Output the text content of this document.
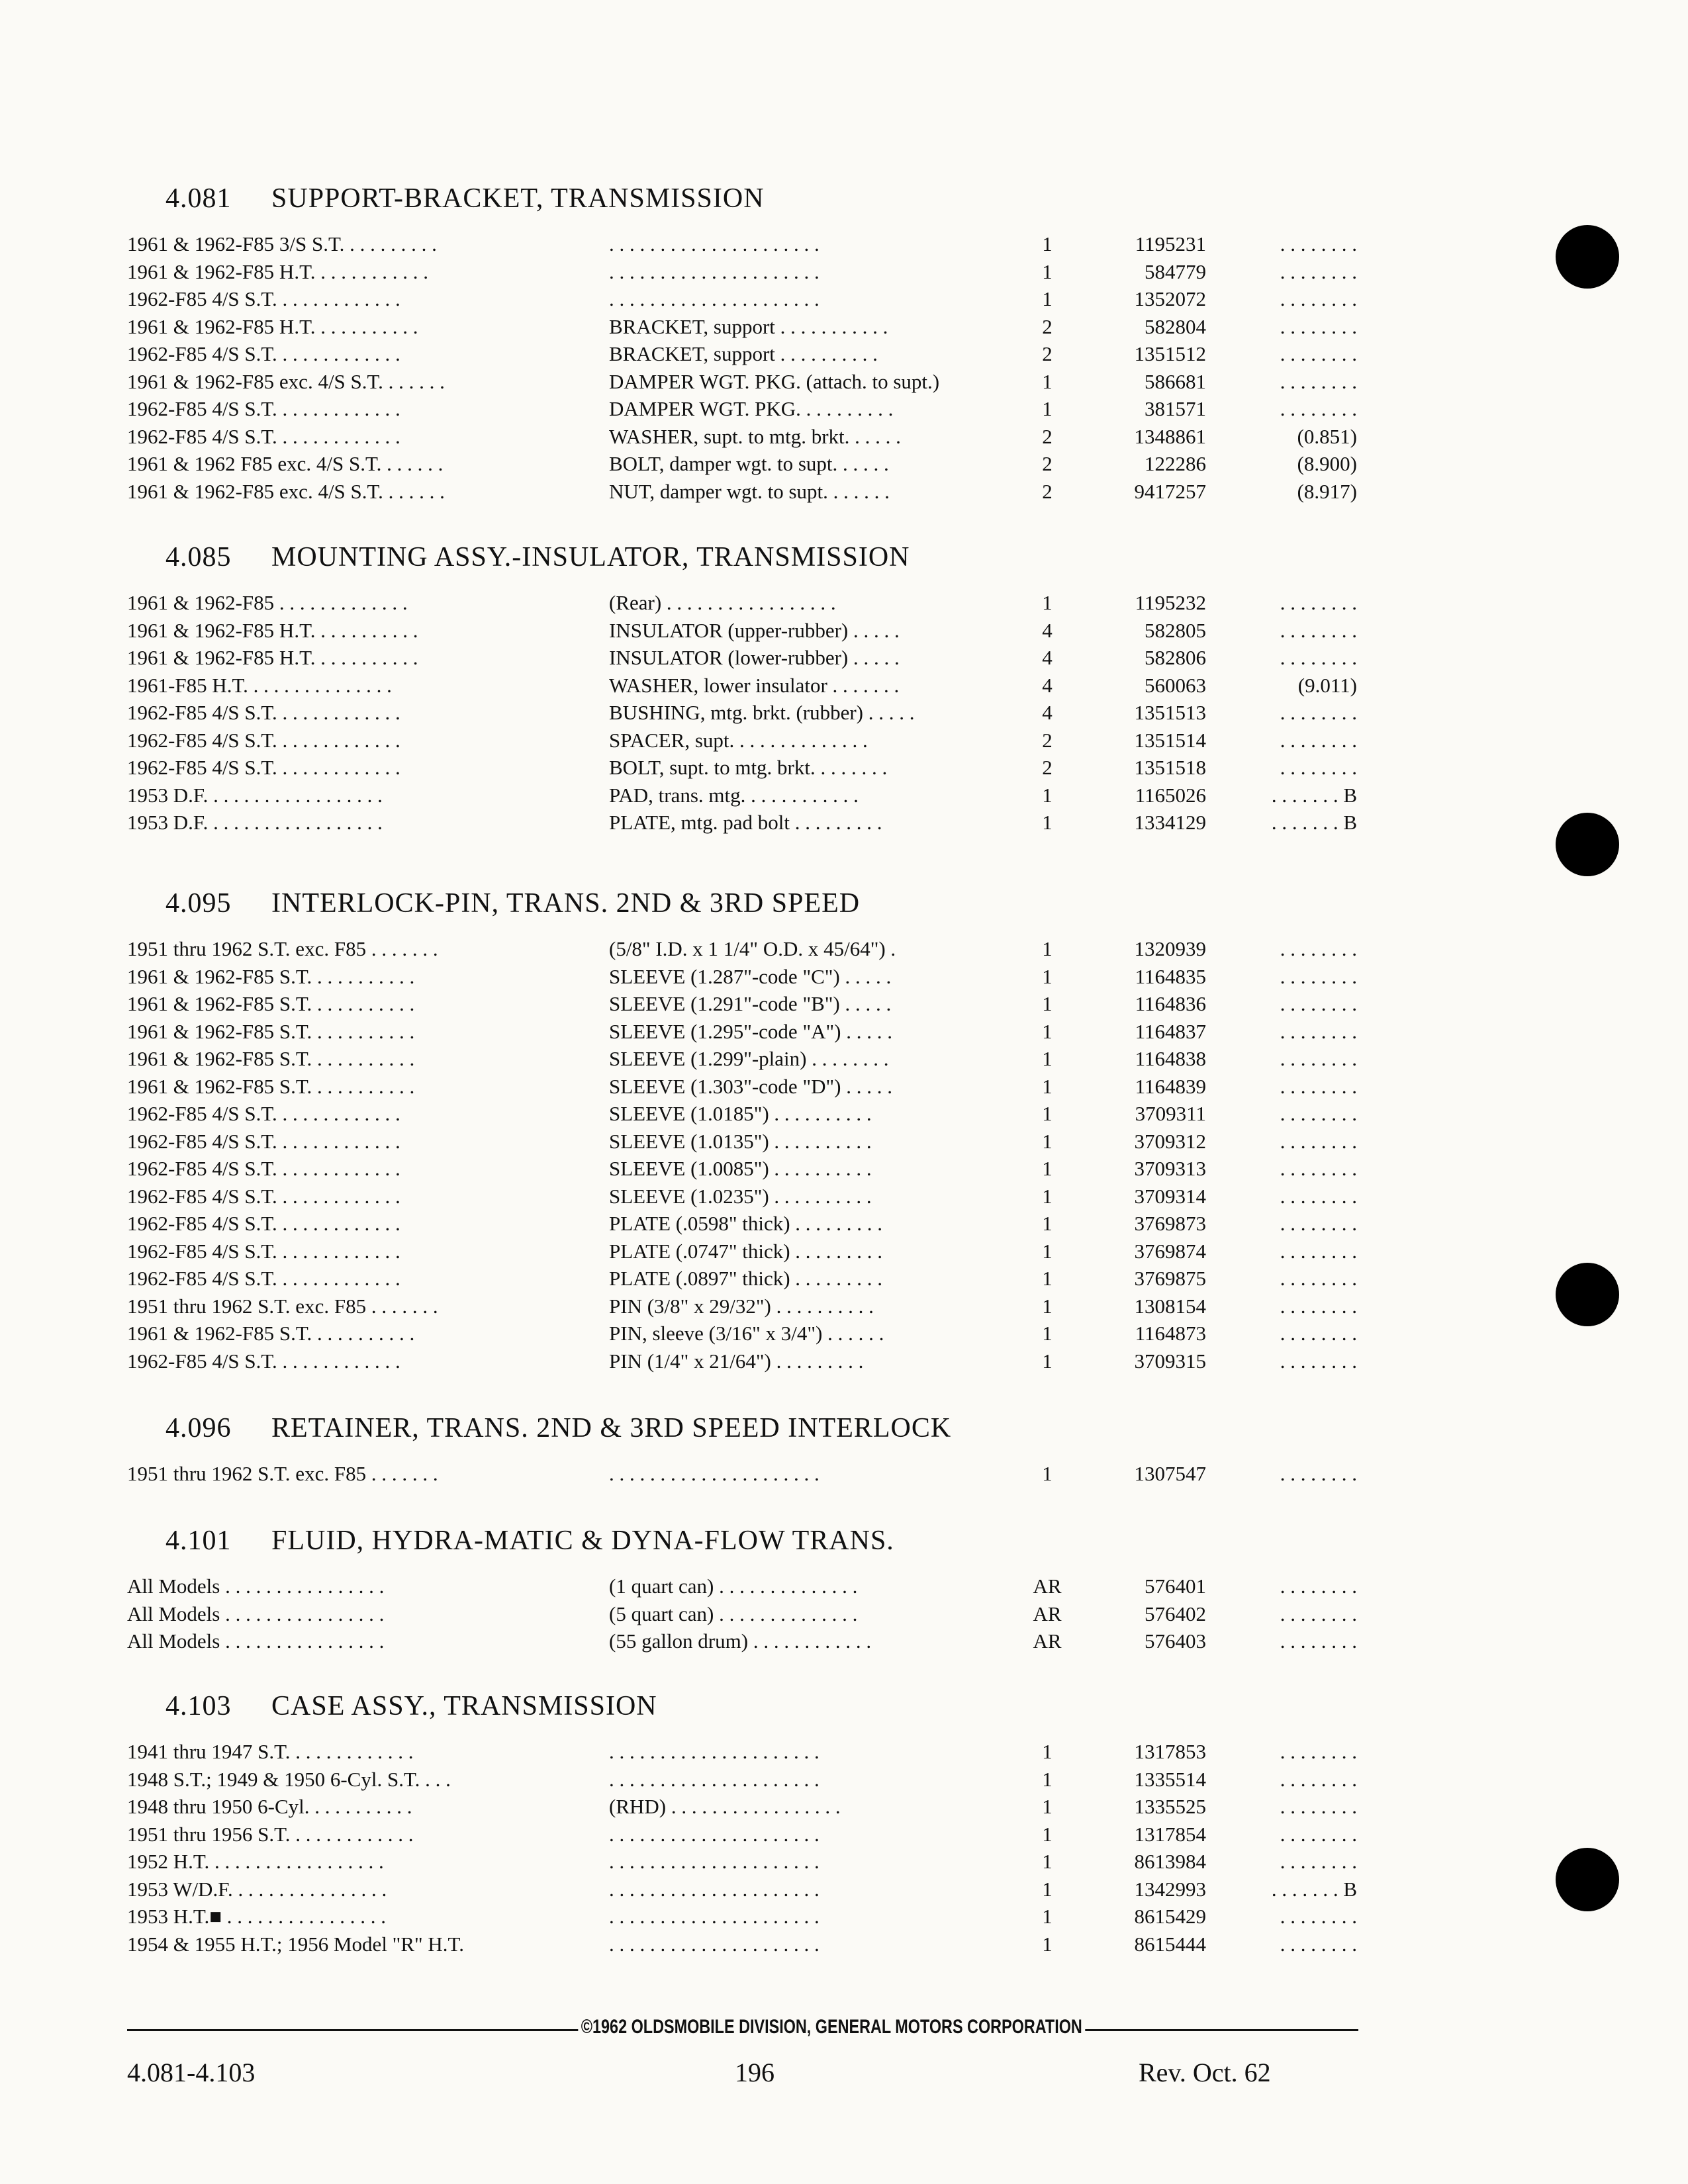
4.081 SUPPORT-BRACKET, TRANSMISSION
1961 & 1962-F85 3/S S.T. . . . . . . . . .	. . . . . . . . . . . . . . . . . . . . .	1	1195231	. . . . . . . .
1961 & 1962-F85 H.T. . . . . . . . . . . .	. . . . . . . . . . . . . . . . . . . . .	1	584779	. . . . . . . .
1962-F85 4/S S.T. . . . . . . . . . . . .	. . . . . . . . . . . . . . . . . . . . .	1	1352072	. . . . . . . .
1961 & 1962-F85 H.T. . . . . . . . . . .	BRACKET, support . . . . . . . . . . .	2	582804	. . . . . . . .
1962-F85 4/S S.T. . . . . . . . . . . . .	BRACKET, support . . . . . . . . . .	2	1351512	. . . . . . . .
1961 & 1962-F85 exc. 4/S S.T. . . . . . .	DAMPER WGT. PKG. (attach. to supt.)	1	586681	. . . . . . . .
1962-F85 4/S S.T. . . . . . . . . . . . .	DAMPER WGT. PKG. . . . . . . . . .	1	381571	. . . . . . . .
1962-F85 4/S S.T. . . . . . . . . . . . .	WASHER, supt. to mtg. brkt. . . . . .	2	1348861	(0.851)
1961 & 1962 F85 exc. 4/S S.T. . . . . . .	BOLT, damper wgt. to supt. . . . . .	2	122286	(8.900)
1961 & 1962-F85 exc. 4/S S.T. . . . . . .	NUT, damper wgt. to supt. . . . . . .	2	9417257	(8.917)
4.085 MOUNTING ASSY.-INSULATOR, TRANSMISSION
1961 & 1962-F85 . . . . . . . . . . . . .	(Rear) . . . . . . . . . . . . . . . . .	1	1195232	. . . . . . . .
1961 & 1962-F85 H.T. . . . . . . . . . .	INSULATOR (upper-rubber) . . . . .	4	582805	. . . . . . . .
1961 & 1962-F85 H.T. . . . . . . . . . .	INSULATOR (lower-rubber) . . . . .	4	582806	. . . . . . . .
1961-F85 H.T. . . . . . . . . . . . . . .	WASHER, lower insulator . . . . . . .	4	560063	(9.011)
1962-F85 4/S S.T. . . . . . . . . . . . .	BUSHING, mtg. brkt. (rubber) . . . . .	4	1351513	. . . . . . . .
1962-F85 4/S S.T. . . . . . . . . . . . .	SPACER, supt. . . . . . . . . . . . . .	2	1351514	. . . . . . . .
1962-F85 4/S S.T. . . . . . . . . . . . .	BOLT, supt. to mtg. brkt. . . . . . . .	2	1351518	. . . . . . . .
1953 D.F. . . . . . . . . . . . . . . . . .	PAD, trans. mtg. . . . . . . . . . . .	1	1165026	. . . . . . . B
1953 D.F. . . . . . . . . . . . . . . . . .	PLATE, mtg. pad bolt . . . . . . . . .	1	1334129	. . . . . . . B
4.095 INTERLOCK-PIN, TRANS. 2ND & 3RD SPEED
1951 thru 1962 S.T. exc. F85 . . . . . . .	(5/8" I.D. x 1 1/4" O.D. x 45/64") .	1	1320939	. . . . . . . .
1961 & 1962-F85 S.T. . . . . . . . . . .	SLEEVE (1.287"-code "C") . . . . .	1	1164835	. . . . . . . .
1961 & 1962-F85 S.T. . . . . . . . . . .	SLEEVE (1.291"-code "B") . . . . .	1	1164836	. . . . . . . .
1961 & 1962-F85 S.T. . . . . . . . . . .	SLEEVE (1.295"-code "A") . . . . .	1	1164837	. . . . . . . .
1961 & 1962-F85 S.T. . . . . . . . . . .	SLEEVE (1.299"-plain) . . . . . . . .	1	1164838	. . . . . . . .
1961 & 1962-F85 S.T. . . . . . . . . . .	SLEEVE (1.303"-code "D") . . . . .	1	1164839	. . . . . . . .
1962-F85 4/S S.T. . . . . . . . . . . . .	SLEEVE (1.0185") . . . . . . . . . .	1	3709311	. . . . . . . .
1962-F85 4/S S.T. . . . . . . . . . . . .	SLEEVE (1.0135") . . . . . . . . . .	1	3709312	. . . . . . . .
1962-F85 4/S S.T. . . . . . . . . . . . .	SLEEVE (1.0085") . . . . . . . . . .	1	3709313	. . . . . . . .
1962-F85 4/S S.T. . . . . . . . . . . . .	SLEEVE (1.0235") . . . . . . . . . .	1	3709314	. . . . . . . .
1962-F85 4/S S.T. . . . . . . . . . . . .	PLATE (.0598" thick) . . . . . . . . .	1	3769873	. . . . . . . .
1962-F85 4/S S.T. . . . . . . . . . . . .	PLATE (.0747" thick) . . . . . . . . .	1	3769874	. . . . . . . .
1962-F85 4/S S.T. . . . . . . . . . . . .	PLATE (.0897" thick) . . . . . . . . .	1	3769875	. . . . . . . .
1951 thru 1962 S.T. exc. F85 . . . . . . .	PIN (3/8" x 29/32") . . . . . . . . . .	1	1308154	. . . . . . . .
1961 & 1962-F85 S.T. . . . . . . . . . .	PIN, sleeve (3/16" x 3/4") . . . . . .	1	1164873	. . . . . . . .
1962-F85 4/S S.T. . . . . . . . . . . . .	PIN (1/4" x 21/64") . . . . . . . . .	1	3709315	. . . . . . . .
4.096 RETAINER, TRANS. 2ND & 3RD SPEED INTERLOCK
1951 thru 1962 S.T. exc. F85 . . . . . . .	. . . . . . . . . . . . . . . . . . . . .	1	1307547	. . . . . . . .
4.101 FLUID, HYDRA-MATIC & DYNA-FLOW TRANS.
All Models . . . . . . . . . . . . . . . .	(1 quart can) . . . . . . . . . . . . . .	AR	576401	. . . . . . . .
All Models . . . . . . . . . . . . . . . .	(5 quart can) . . . . . . . . . . . . . .	AR	576402	. . . . . . . .
All Models . . . . . . . . . . . . . . . .	(55 gallon drum) . . . . . . . . . . . .	AR	576403	. . . . . . . .
4.103 CASE ASSY., TRANSMISSION
1941 thru 1947 S.T. . . . . . . . . . . . .	. . . . . . . . . . . . . . . . . . . . .	1	1317853	. . . . . . . .
1948 S.T.; 1949 & 1950 6-Cyl. S.T. . . .	. . . . . . . . . . . . . . . . . . . . .	1	1335514	. . . . . . . .
1948 thru 1950 6-Cyl. . . . . . . . . . .	(RHD) . . . . . . . . . . . . . . . . .	1	1335525	. . . . . . . .
1951 thru 1956 S.T. . . . . . . . . . . . .	. . . . . . . . . . . . . . . . . . . . .	1	1317854	. . . . . . . .
1952 H.T. . . . . . . . . . . . . . . . . .	. . . . . . . . . . . . . . . . . . . . .	1	8613984	. . . . . . . .
1953 W/D.F. . . . . . . . . . . . . . . .	. . . . . . . . . . . . . . . . . . . . .	1	1342993	. . . . . . . B
1953 H.T.■ . . . . . . . . . . . . . . . .	. . . . . . . . . . . . . . . . . . . . .	1	8615429	. . . . . . . .
1954 & 1955 H.T.; 1956 Model "R" H.T.	. . . . . . . . . . . . . . . . . . . . .	1	8615444	. . . . . . . .
©1962 OLDSMOBILE DIVISION, GENERAL MOTORS CORPORATION
4.081-4.103	196	Rev. Oct. 62
